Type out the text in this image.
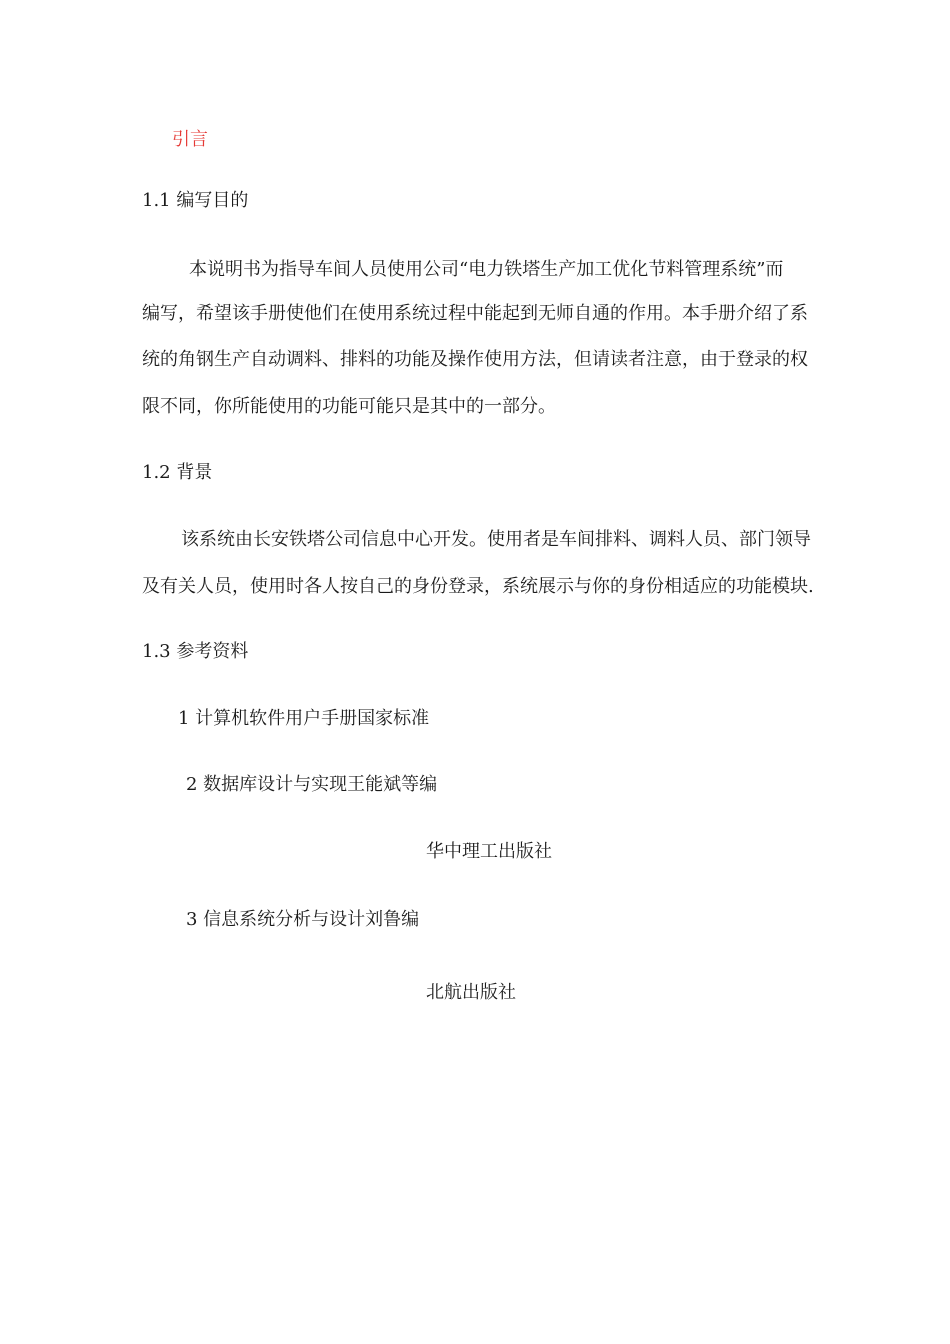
引言
1.1 编写目的
本说明书为指导车间人员使用公司“电力铁塔生产加工优化节料管理系统”而
编写，希望该手册使他们在使用系统过程中能起到无师自通的作用。本手册介绍了系
统的角钢生产自动调料、排料的功能及操作使用方法，但请读者注意，由于登录的权
限不同，你所能使用的功能可能只是其中的一部分。
1.2 背景
该系统由长安铁塔公司信息中心开发。使用者是车间排料、调料人员、部门领导
及有关人员，使用时各人按自己的身份登录，系统展示与你的身份相适应的功能模块.
1.3 参考资料
1 计算机软件用户手册国家标准
2 数据库设计与实现王能斌等编
华中理工出版社
3 信息系统分析与设计刘鲁编
北航出版社
